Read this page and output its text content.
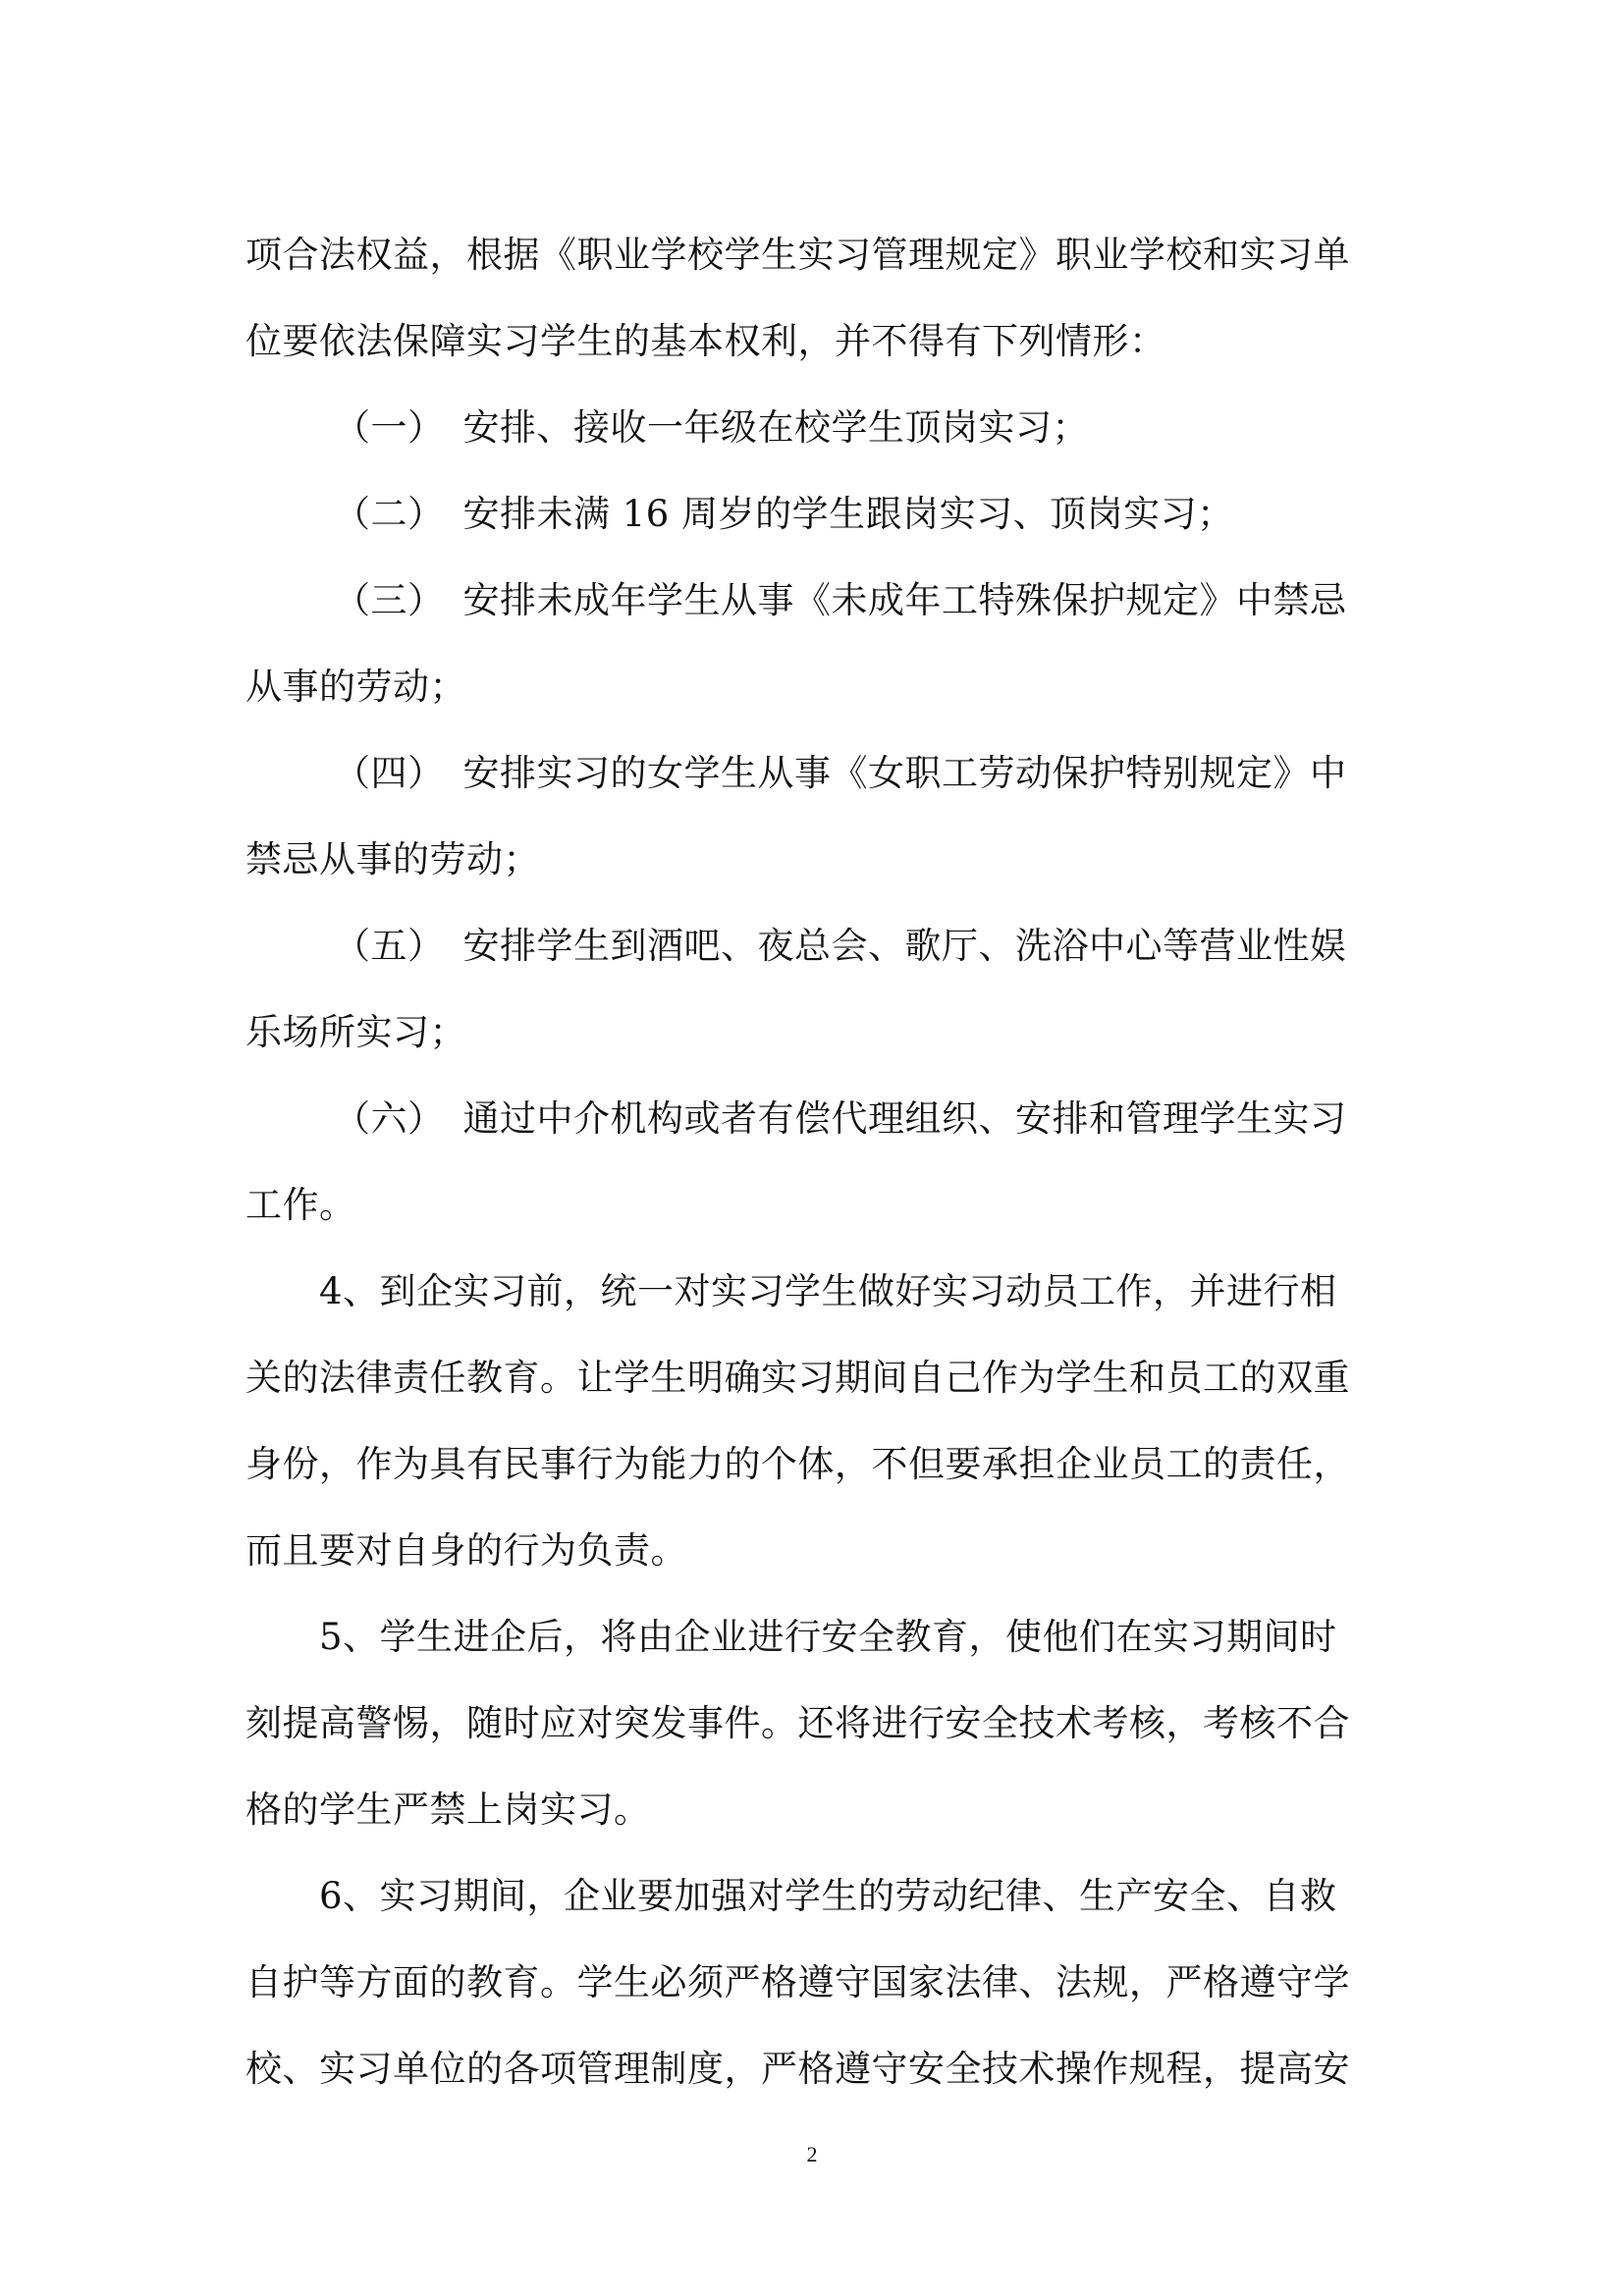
项合法权益，根据《职业学校学生实习管理规定》职业学校和实习单
位要依法保障实习学生的基本权利，并不得有下列情形：
（一）　安排、接收一年级在校学生顶岗实习；
（二）　安排未满 16 周岁的学生跟岗实习、顶岗实习；
（三）　安排未成年学生从事《未成年工特殊保护规定》中禁忌
从事的劳动；
（四）　安排实习的女学生从事《女职工劳动保护特别规定》中
禁忌从事的劳动；
（五）　安排学生到酒吧、夜总会、歌厅、洗浴中心等营业性娱
乐场所实习；
（六）　通过中介机构或者有偿代理组织、安排和管理学生实习
工作。
4、到企实习前，统一对实习学生做好实习动员工作，并进行相
关的法律责任教育。让学生明确实习期间自己作为学生和员工的双重
身份，作为具有民事行为能力的个体，不但要承担企业员工的责任，
而且要对自身的行为负责。
5、学生进企后，将由企业进行安全教育，使他们在实习期间时
刻提高警惕，随时应对突发事件。还将进行安全技术考核，考核不合
格的学生严禁上岗实习。
6、实习期间，企业要加强对学生的劳动纪律、生产安全、自救
自护等方面的教育。学生必须严格遵守国家法律、法规，严格遵守学
校、实习单位的各项管理制度，严格遵守安全技术操作规程，提高安
2
